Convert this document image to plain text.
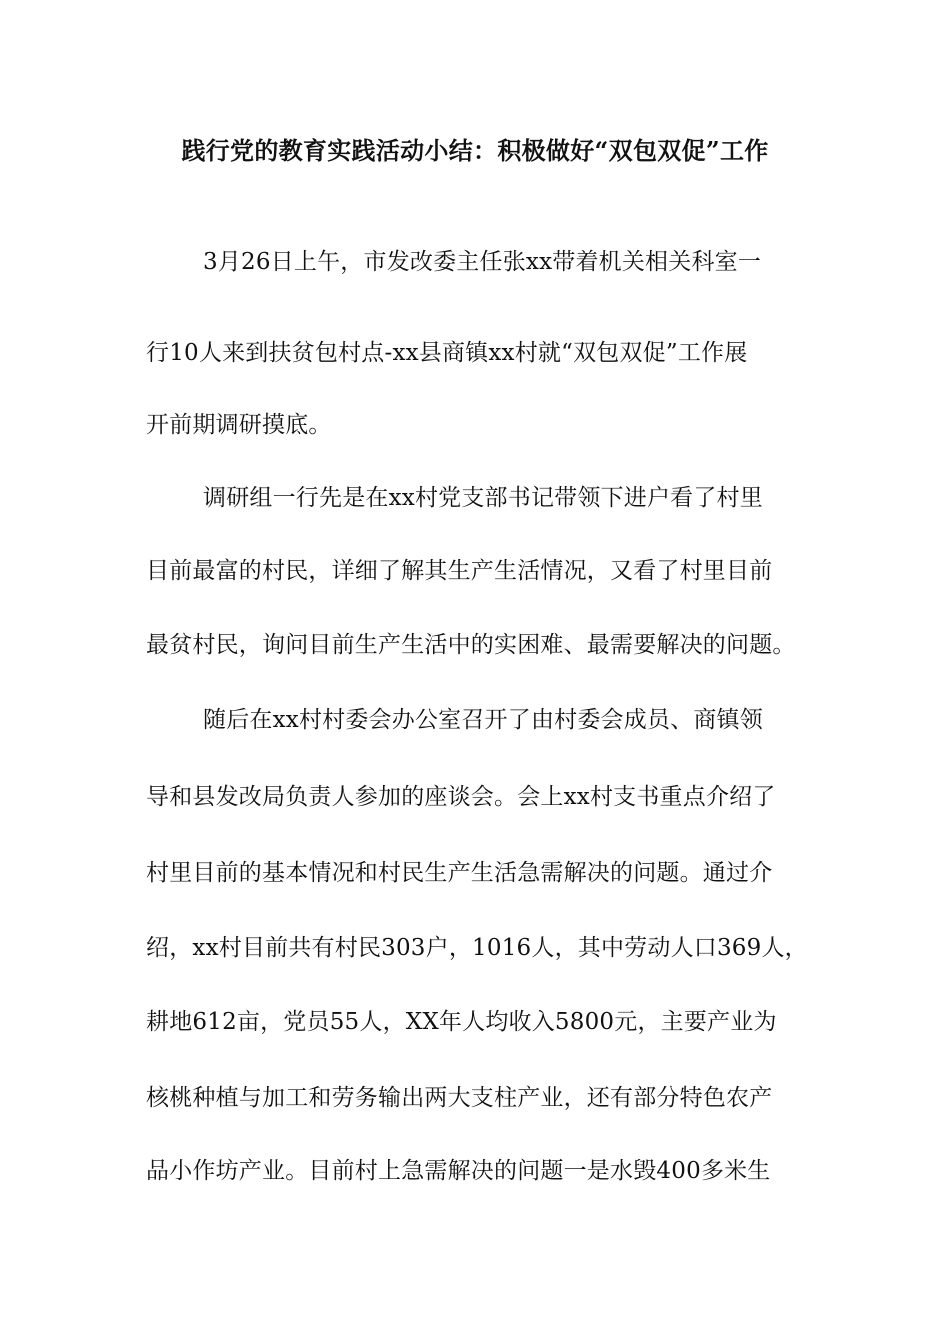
践行党的教育实践活动小结：积极做好“双包双促”工作
3月26日上午，市发改委主任张xx带着机关相关科室一
行10人来到扶贫包村点-xx县商镇xx村就“双包双促”工作展
开前期调研摸底。
调研组一行先是在xx村党支部书记带领下进户看了村里
目前最富的村民，详细了解其生产生活情况，又看了村里目前
最贫村民，询问目前生产生活中的实困难、最需要解决的问题。
随后在xx村村委会办公室召开了由村委会成员、商镇领
导和县发改局负责人参加的座谈会。会上xx村支书重点介绍了
村里目前的基本情况和村民生产生活急需解决的问题。通过介
绍，xx村目前共有村民303户，1016人，其中劳动人口369人，
耕地612亩，党员55人，XX年人均收入5800元，主要产业为
核桃种植与加工和劳务输出两大支柱产业，还有部分特色农产
品小作坊产业。目前村上急需解决的问题一是水毁400多米生
